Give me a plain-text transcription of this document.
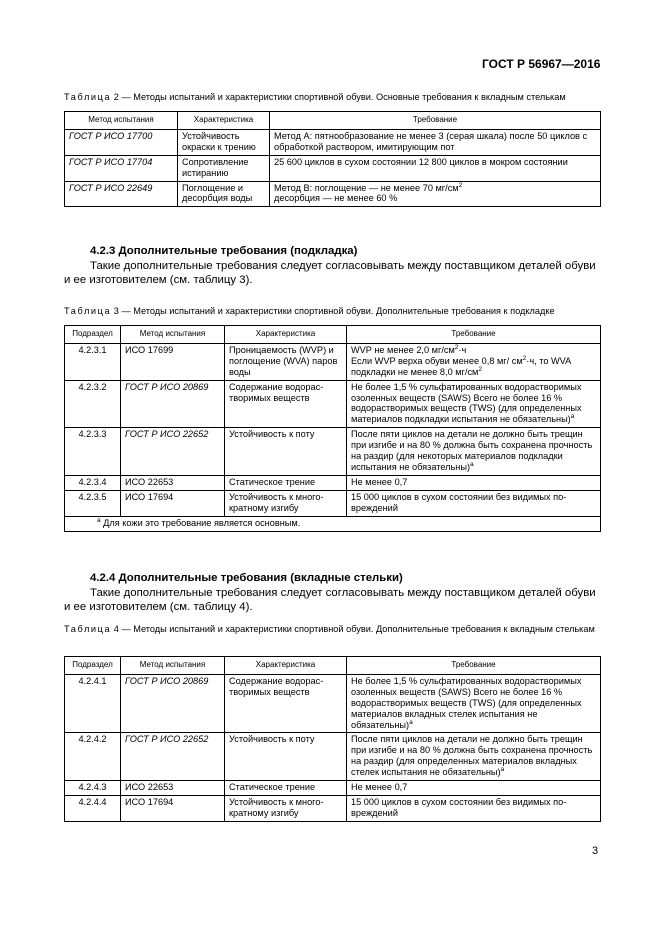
ГОСТ Р 56967—2016
Таблица 2 — Методы испытаний и характеристики спортивной обуви. Основные требования к вкладным стелькам
Метод испытания	Характеристика	Требование
ГОСТ Р ИСО 17700	Устойчивость окраски к трению	Метод А: пятнообразование не менее 3 (серая шкала) после 50 циклов с обработкой раствором, имитирующим пот
ГОСТ Р ИСО 17704	Сопротивление истиранию	25 600 циклов в сухом состоянии 12 800 циклов в мокром состоянии
ГОСТ Р ИСО 22649	Поглощение и десорбция воды	Метод B: поглощение — не менее 70 $мг/см^2$
десорбция — не менее 60 %
4.2.3 Дополнительные требования (подкладка)
Такие дополнительные требования следует согласовывать между поставщиком деталей обуви и ее изготовителем (см. таблицу 3).
Таблица 3 — Методы испытаний и характеристики спортивной обуви. Дополнительные требования к подкладке
Подраздел	Метод испытания	Характеристика	Требование
4.2.3.1	ИСО 17699	Проницаемость (WVP) и поглощение (WVA) паров воды	WVP не менее 2,0 $мг/см^2\cdot ч$
Если WVP верха обуви менее 0,8 мг/ $см^2\cdot ч$, то WVA подкладки не менее 8,0 $мг/см^2$
4.2.3.2	ГОСТ Р ИСО 20869	Содержание водорастворимых веществ	Не более 1,5 % сульфатированных водорастворимых озоленных веществ (SAWS) Всего не более 16 % водорастворимых веществ (TWS) (для определенных материалов подкладки испытания не обязательны)$^a$
4.2.3.3	ГОСТ Р ИСО 22652	Устойчивость к поту	После пяти циклов на детали не должно быть трещин при изгибе и на 80 % должна быть сохранена прочность на раздир (для некоторых материалов подкладки испытания не обязательны)$^a$
4.2.3.4	ИСО 22653	Статическое трение	Не менее 0,7
4.2.3.5	ИСО 17694	Устойчивость к многократному изгибу	15 000 циклов в сухом состоянии без видимых повреждений
$^a$ Для кожи это требование является основным.			
4.2.4 Дополнительные требования (вкладные стельки)
Такие дополнительные требования следует согласовывать между поставщиком деталей обуви и ее изготовителем (см. таблицу 4).
Таблица 4 — Методы испытаний и характеристики спортивной обуви. Дополнительные требования к вкладным стелькам
Подраздел	Метод испытания	Характеристика	Требование
4.2.4.1	ГОСТ Р ИСО 20869	Содержание водорастворимых веществ	Не более 1,5 % сульфатированных водорастворимых озоленных веществ (SAWS) Всего не более 16 % водорастворимых веществ (TWS) (для определенных материалов вкладных стелек испытания не обязательны)$^a$
4.2.4.2	ГОСТ Р ИСО 22652	Устойчивость к поту	После пяти циклов на детали не должно быть трещин при изгибе и на 80 % должна быть сохранена прочность на раздир (для определенных материалов вкладных стелек испытания не обязательны)$^a$
4.2.4.3	ИСО 22653	Статическое трение	Не менее 0,7
4.2.4.4	ИСО 17694	Устойчивость к многократному изгибу	15 000 циклов в сухом состоянии без видимых повреждений
3
